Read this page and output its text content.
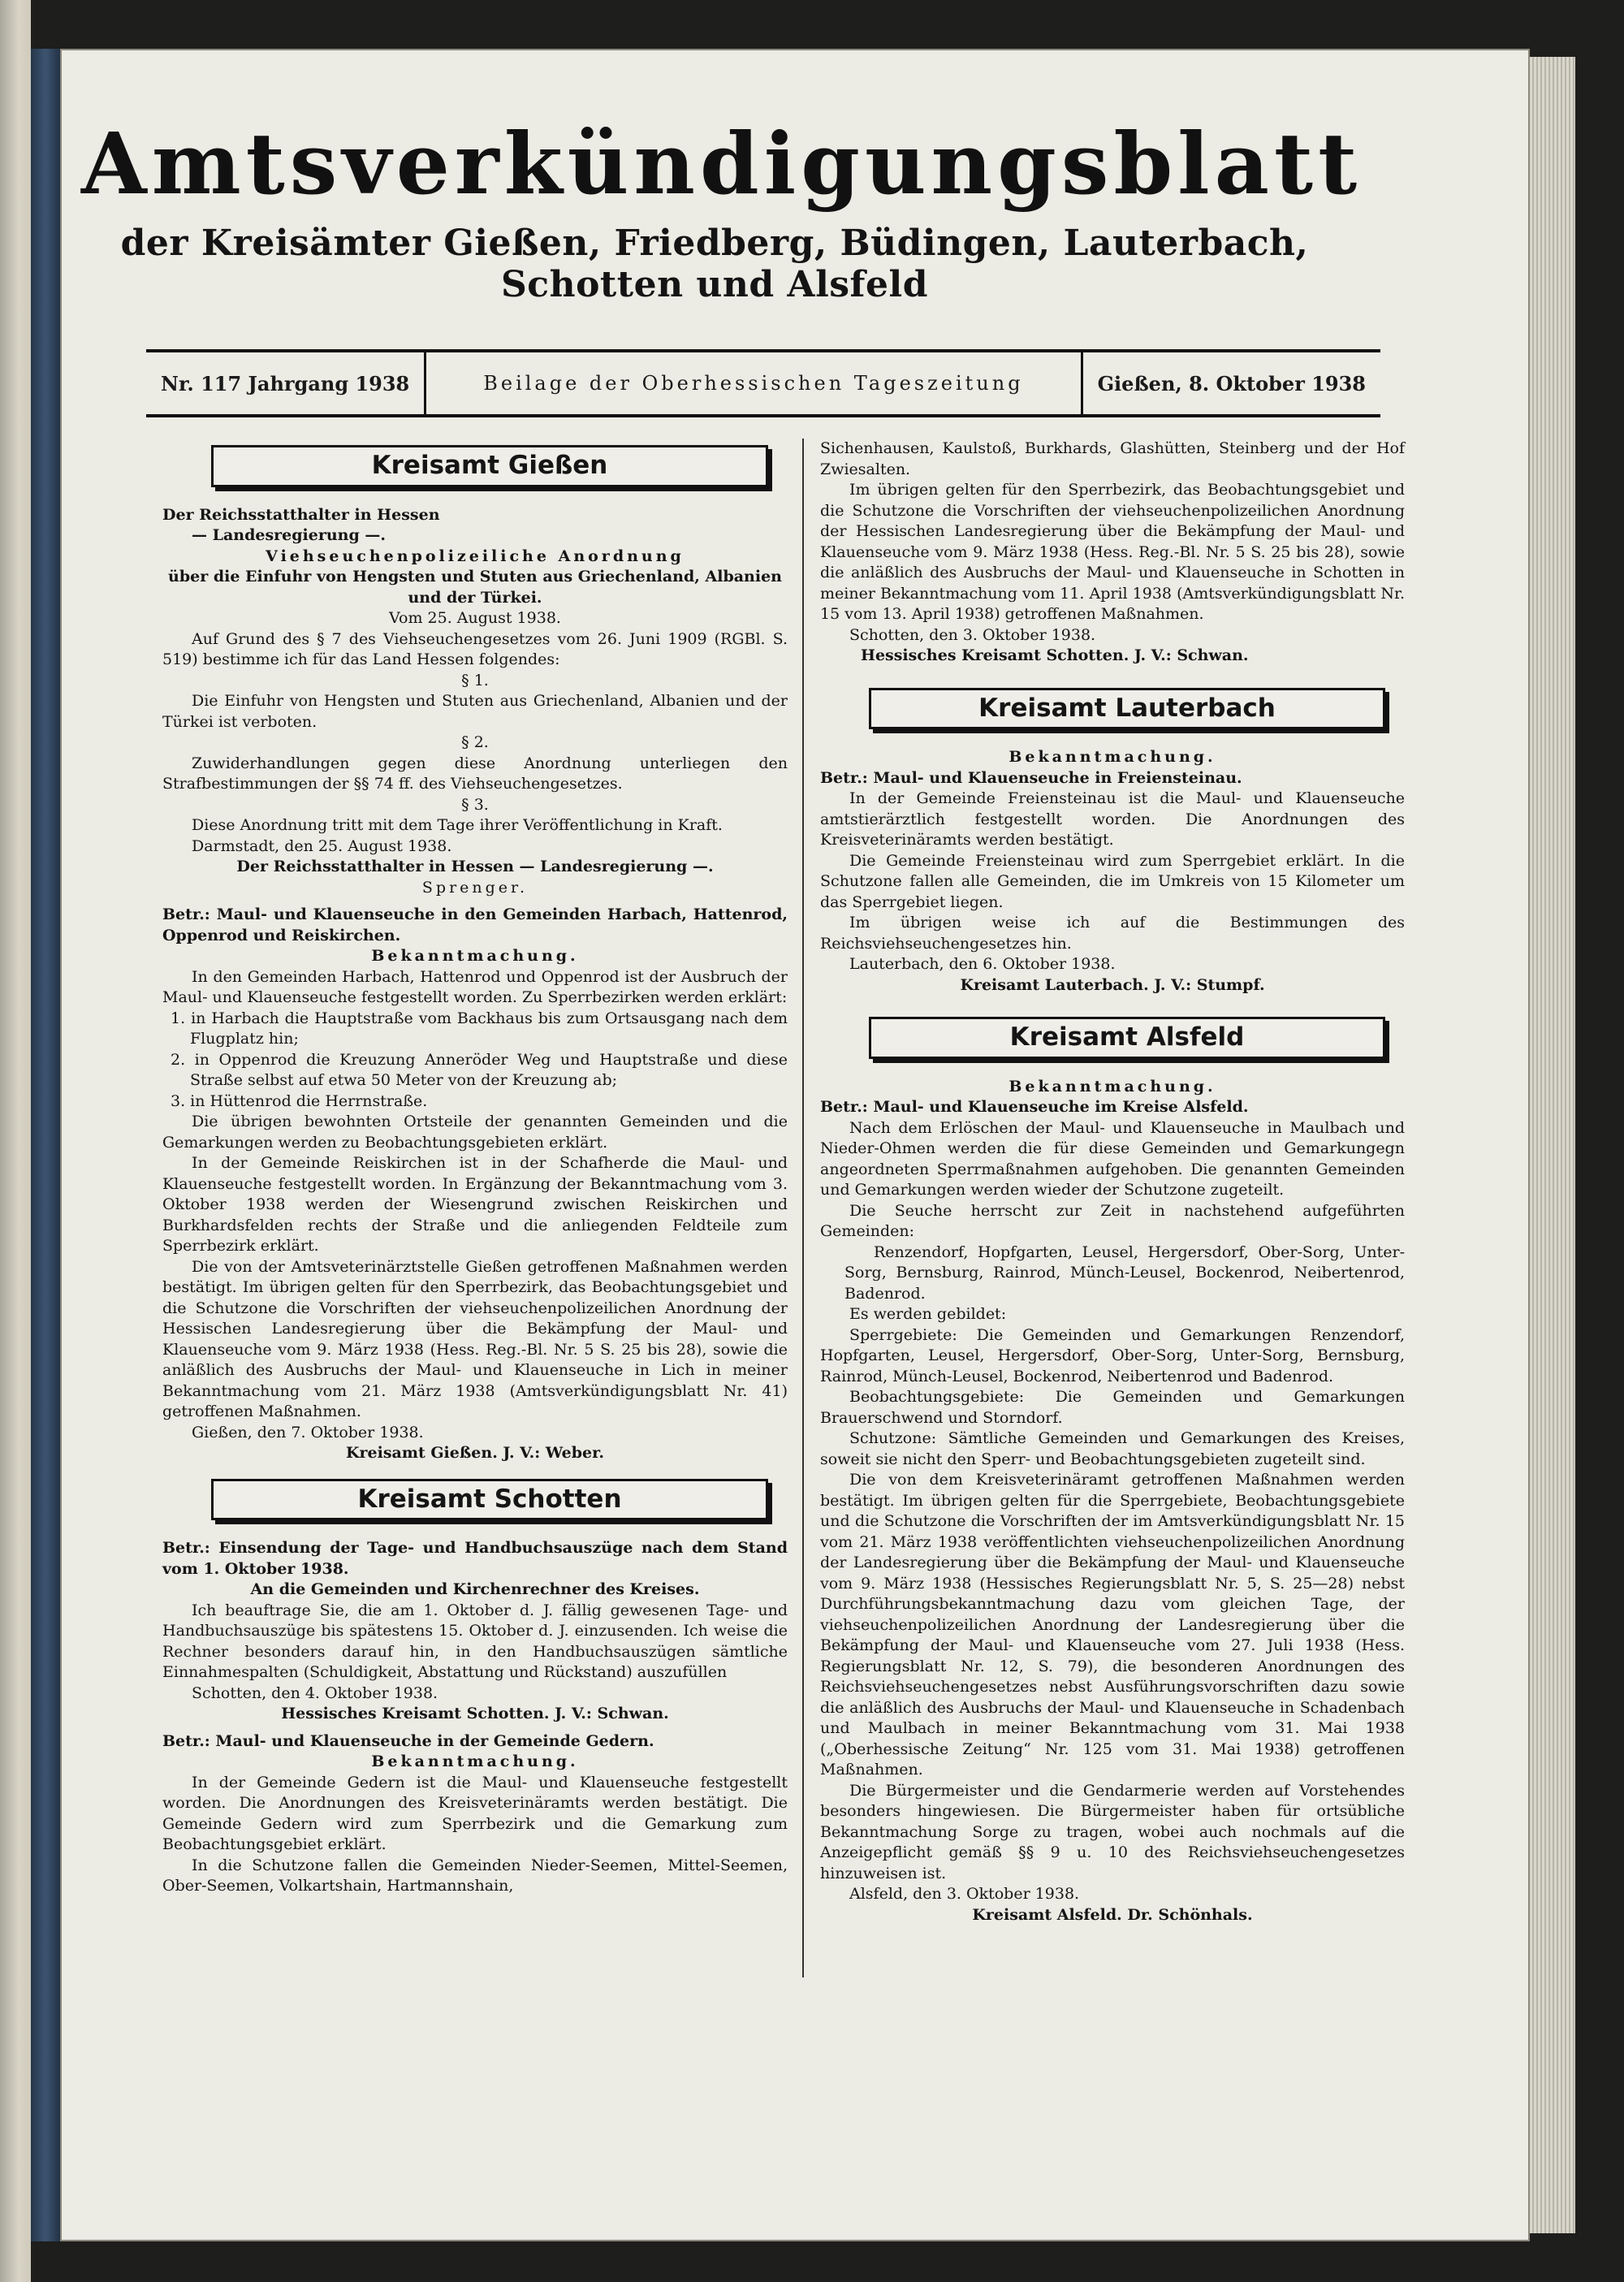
Amtsverkündigungsblatt
der Kreisämter Gießen, Friedberg, Büdingen, Lauterbach, Schotten und Alsfeld
Nr. 117 Jahrgang 1938	Beilage der Oberhessischen Tageszeitung	Gießen, 8. Oktober 1938
Kreisamt Gießen

Der Reichsstatthalter in Hessen

— Landesregierung —.

Viehseuchenpolizeiliche Anordnung

über die Einfuhr von Hengsten und Stuten aus Griechenland, Albanien und der Türkei.

Vom 25. August 1938.

Auf Grund des § 7 des Viehseuchengesetzes vom 26. Juni 1909 (RGBl. S. 519) bestimme ich für das Land Hessen folgendes:

§ 1.

Die Einfuhr von Hengsten und Stuten aus Griechenland, Albanien und der Türkei ist verboten.

§ 2.

Zuwiderhandlungen gegen diese Anordnung unterliegen den Strafbestimmungen der §§ 74 ff. des Viehseuchengesetzes.

§ 3.

Diese Anordnung tritt mit dem Tage ihrer Veröffentlichung in Kraft.

Darmstadt, den 25. August 1938.

Der Reichsstatthalter in Hessen — Landesregierung —.

Sprenger.

Betr.: Maul- und Klauenseuche in den Gemeinden Harbach, Hattenrod, Oppenrod und Reiskirchen.

Bekanntmachung.

In den Gemeinden Harbach, Hattenrod und Oppenrod ist der Ausbruch der Maul- und Klauenseuche festgestellt worden. Zu Sperrbezirken werden erklärt:

1. in Harbach die Hauptstraße vom Backhaus bis zum Ortsausgang nach dem Flugplatz hin;

2. in Oppenrod die Kreuzung Annеröder Weg und Hauptstraße und diese Straße selbst auf etwa 50 Meter von der Kreuzung ab;

3. in Hüttenrod die Herrnstraße.

Die übrigen bewohnten Ortsteile der genannten Gemeinden und die Gemarkungen werden zu Beobachtungsgebieten erklärt.

In der Gemeinde Reiskirchen ist in der Schafherde die Maul- und Klauenseuche festgestellt worden. In Ergänzung der Bekanntmachung vom 3. Oktober 1938 werden der Wiesengrund zwischen Reiskirchen und Burkhardsfelden rechts der Straße und die anliegenden Feldteile zum Sperrbezirk erklärt.

Die von der Amtsveterinärztstelle Gießen getroffenen Maßnahmen werden bestätigt. Im übrigen gelten für den Sperrbezirk, das Beobachtungsgebiet und die Schutzone die Vorschriften der viehseuchenpolizeilichen Anordnung der Hessischen Landesregierung über die Bekämpfung der Maul- und Klauenseuche vom 9. März 1938 (Hess. Reg.-Bl. Nr. 5 S. 25 bis 28), sowie die anläßlich des Ausbruchs der Maul- und Klauenseuche in Lich in meiner Bekanntmachung vom 21. März 1938 (Amtsverkündigungsblatt Nr. 41) getroffenen Maßnahmen.

Gießen, den 7. Oktober 1938.

Kreisamt Gießen. J. V.: Weber.

Kreisamt Schotten

Betr.: Einsendung der Tage- und Handbuchsauszüge nach dem Stand vom 1. Oktober 1938.

An die Gemeinden und Kirchenrechner des Kreises.

Ich beauftrage Sie, die am 1. Oktober d. J. fällig gewesenen Tage- und Handbuchsauszüge bis spätestens 15. Oktober d. J. einzusenden. Ich weise die Rechner besonders darauf hin, in den Handbuchsauszügen sämtliche Einnahmespalten (Schuldigkeit, Abstattung und Rückstand) auszufüllen

Schotten, den 4. Oktober 1938.

Hessisches Kreisamt Schotten. J. V.: Schwan.

Betr.: Maul- und Klauenseuche in der Gemeinde Gedern.

Bekanntmachung.

In der Gemeinde Gedern ist die Maul- und Klauenseuche festgestellt worden. Die Anordnungen des Kreisveterinäramts werden bestätigt. Die Gemeinde Gedern wird zum Sperrbezirk und die Gemarkung zum Beobachtungsgebiet erklärt.

In die Schutzone fallen die Gemeinden Nieder-Seemen, Mittel-Seemen, Ober-Seemen, Volkartshain, Hartmannshain,

Sichenhausen, Kaulstoß, Burkhards, Glashütten, Steinberg und der Hof Zwiesalten.

Im übrigen gelten für den Sperrbezirk, das Beobachtungsgebiet und die Schutzone die Vorschriften der viehseuchenpolizeilichen Anordnung der Hessischen Landesregierung über die Bekämpfung der Maul- und Klauenseuche vom 9. März 1938 (Hess. Reg.-Bl. Nr. 5 S. 25 bis 28), sowie die anläßlich des Ausbruchs der Maul- und Klauenseuche in Schotten in meiner Bekanntmachung vom 11. April 1938 (Amtsverkündigungsblatt Nr. 15 vom 13. April 1938) getroffenen Maßnahmen.

Schotten, den 3. Oktober 1938.

Hessisches Kreisamt Schotten. J. V.: Schwan.

Kreisamt Lauterbach

Bekanntmachung.

Betr.: Maul- und Klauenseuche in Freiensteinau.

In der Gemeinde Freiensteinau ist die Maul- und Klauenseuche amtstierärztlich festgestellt worden. Die Anordnungen des Kreisveterinäramts werden bestätigt.

Die Gemeinde Freiensteinau wird zum Sperrgebiet erklärt. In die Schutzone fallen alle Gemeinden, die im Umkreis von 15 Kilometer um das Sperrgebiet liegen.

Im übrigen weise ich auf die Bestimmungen des Reichsviehseuchengesetzes hin.

Lauterbach, den 6. Oktober 1938.

Kreisamt Lauterbach. J. V.: Stumpf.

Kreisamt Alsfeld

Bekanntmachung.

Betr.: Maul- und Klauenseuche im Kreise Alsfeld.

Nach dem Erlöschen der Maul- und Klauenseuche in Maulbach und Nieder-Ohmen werden die für diese Gemeinden und Gemarkungegn angeordneten Sperrmaßnahmen aufgehoben. Die genannten Gemeinden und Gemarkungen werden wieder der Schutzone zugeteilt.

Die Seuche herrscht zur Zeit in nachstehend aufgeführten Gemeinden:

Renzendorf, Hopfgarten, Leusel, Hergersdorf, Ober-Sorg, Unter-Sorg, Bernsburg, Rainrod, Münch-Leusel, Bockenrod, Neibertenrod, Badenrod.

Es werden gebildet:

Sperrgebiete: Die Gemeinden und Gemarkungen Renzendorf, Hopfgarten, Leusel, Hergersdorf, Ober-Sorg, Unter-Sorg, Bernsburg, Rainrod, Münch-Leusel, Bockenrod, Neibertenrod und Badenrod.

Beobachtungsgebiete: Die Gemeinden und Gemarkungen Brauerschwend und Storndorf.

Schutzone: Sämtliche Gemeinden und Gemarkungen des Kreises, soweit sie nicht den Sperr- und Beobachtungsgebieten zugeteilt sind.

Die von dem Kreisveterinäramt getroffenen Maßnahmen werden bestätigt. Im übrigen gelten für die Sperrgebiete, Beobachtungsgebiete und die Schutzone die Vorschriften der im Amtsverkündigungsblatt Nr. 15 vom 21. März 1938 veröffentlichten viehseuchenpolizeilichen Anordnung der Landesregierung über die Bekämpfung der Maul- und Klauenseuche vom 9. März 1938 (Hessisches Regierungsblatt Nr. 5, S. 25—28) nebst Durchführungsbekanntmachung dazu vom gleichen Tage, der viehseuchenpolizeilichen Anordnung der Landesregierung über die Bekämpfung der Maul- und Klauenseuche vom 27. Juli 1938 (Hess. Regierungsblatt Nr. 12, S. 79), die besonderen Anordnungen des Reichsviehseuchengesetzes nebst Ausführungsvorschriften dazu sowie die anläßlich des Ausbruchs der Maul- und Klauenseuche in Schadenbach und Maulbach in meiner Bekanntmachung vom 31. Mai 1938 („Oberhessische Zeitung“ Nr. 125 vom 31. Mai 1938) getroffenen Maßnahmen.

Die Bürgermeister und die Gendarmerie werden auf Vorstehendes besonders hingewiesen. Die Bürgermeister haben für ortsübliche Bekanntmachung Sorge zu tragen, wobei auch nochmals auf die Anzeigepflicht gemäß §§ 9 u. 10 des Reichsviehseuchengesetzes hinzuweisen ist.

Alsfeld, den 3. Oktober 1938.

Kreisamt Alsfeld. Dr. Schönhals.
